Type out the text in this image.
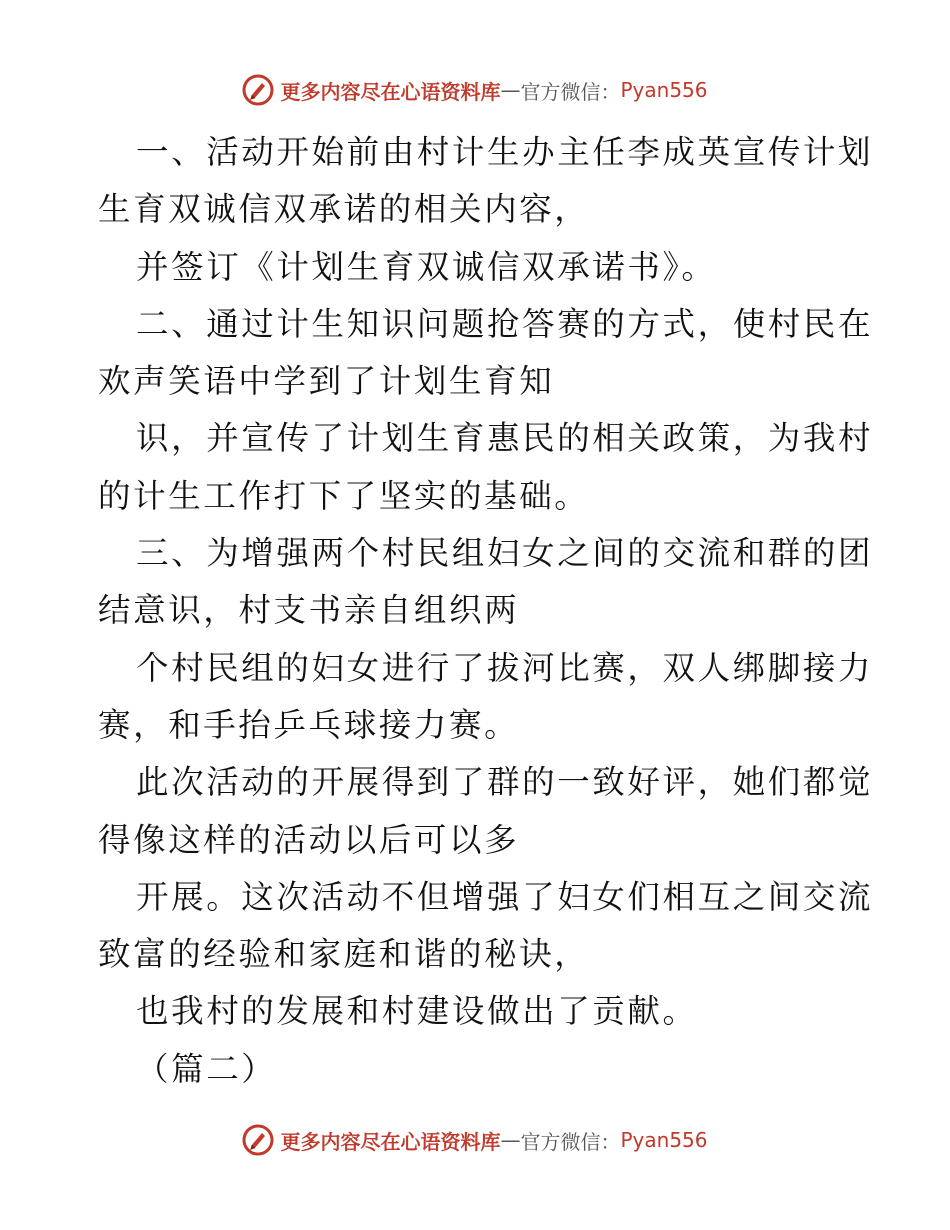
更多内容尽在心语资料库 — 官方微信： Pyan556
一、活动开始前由村计生办主任李成英宣传计划
生育双诚信双承诺的相关内容，
并签订《计划生育双诚信双承诺书》。
二、通过计生知识问题抢答赛的方式，使村民在
欢声笑语中学到了计划生育知
识，并宣传了计划生育惠民的相关政策，为我村
的计生工作打下了坚实的基础。
三、为增强两个村民组妇女之间的交流和群的团
结意识，村支书亲自组织两
个村民组的妇女进行了拔河比赛，双人绑脚接力
赛，和手抬乒乓球接力赛。
此次活动的开展得到了群的一致好评，她们都觉
得像这样的活动以后可以多
开展。这次活动不但增强了妇女们相互之间交流
致富的经验和家庭和谐的秘诀，
也我村的发展和村建设做出了贡献。
（篇二）
更多内容尽在心语资料库 — 官方微信： Pyan556
